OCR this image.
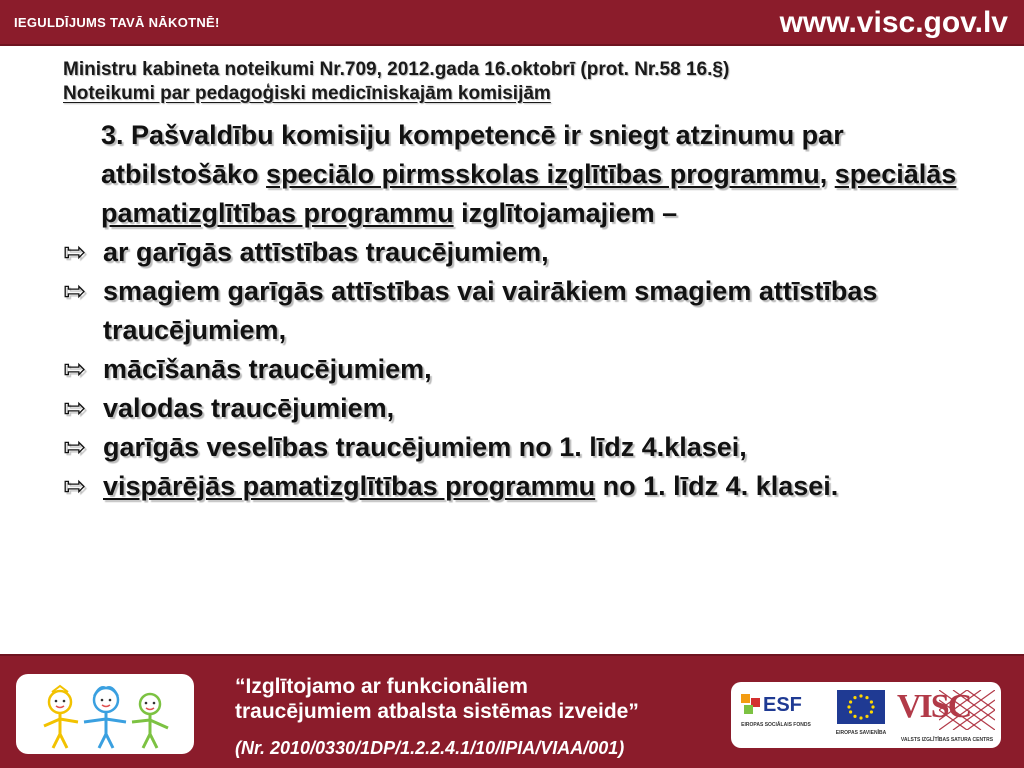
IEGULDĪJUMS TAVĀ NĀKOTNĒ!	www.visc.gov.lv
Ministru kabineta noteikumi Nr.709, 2012.gada 16.oktobrī (prot. Nr.58 16.§)
Noteikumi par pedagoģiski medicīniskajām komisijām

3. Pašvaldību komisiju kompetencē ir sniegt atzinumu par atbilstošāko speciālo pirmsskolas izglītības programmu, speciālās pamatizglītības programmu izglītojamajiem –

⇰ ar garīgās attīstības traucējumiem,
⇰ smagiem garīgās attīstības vai vairākiem smagiem attīstības traucējumiem,
⇰ mācīšanās traucējumiem,
⇰ valodas traucējumiem,
⇰ garīgās veselības traucējumiem no 1. līdz 4.klasei,
⇰ vispārējās pamatizglītības programmu no 1. līdz 4. klasei.
“Izglītojamo ar funkcionāliem
traucējumiem atbalsta sistēmas izveide”
(Nr. 2010/0330/1DP/1.2.2.4.1/10/IPIA/VIAA/001)
ESF
EIROPAS SOCIĀLAIS FONDS
EIROPAS SAVIENĪBA
VISC
VALSTS IZGLĪTĪBAS SATURA CENTRS
